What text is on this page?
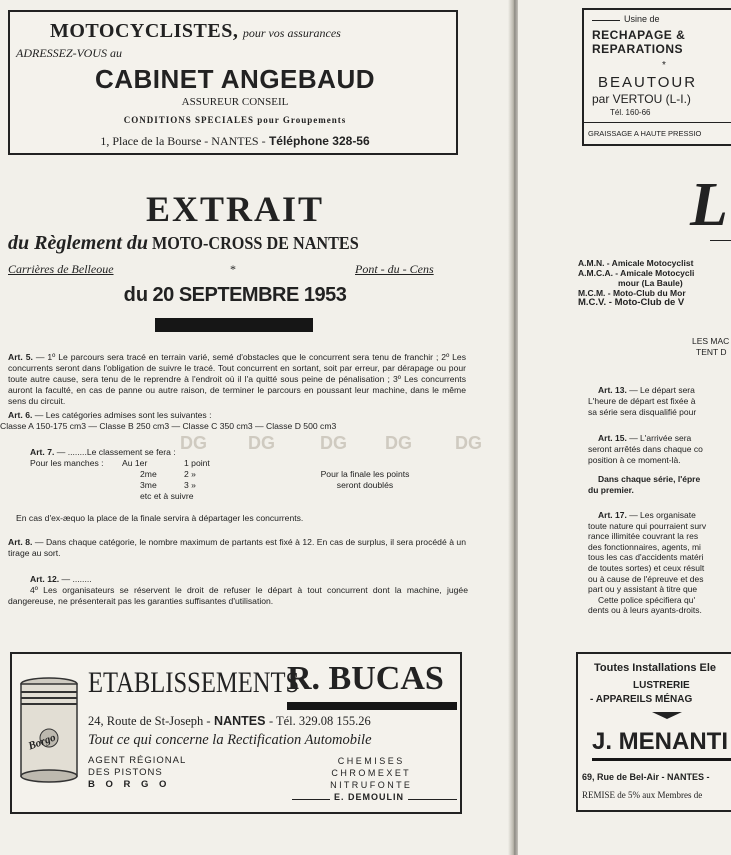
MOTOCYCLISTES, pour vos assurances
ADRESSEZ-VOUS au
CABINET ANGEBAUD
ASSUREUR CONSEIL
CONDITIONS SPECIALES pour Groupements
1, Place de la Bourse - NANTES - Téléphone 328-56
EXTRAIT
du Règlement du MOTO-CROSS DE NANTES
Carrières de Belleoue	*	Pont - du - Cens
du 20 SEPTEMBRE 1953
Art. 5. — 1º Le parcours sera tracé en terrain varié, semé d'obstacles que le concurrent sera tenu de franchir ; 2º Les concurrents seront dans l'obligation de suivre le tracé. Tout concurrent en sortant, soit par erreur, par dérapage ou pour toute autre cause, sera tenu de le reprendre à l'endroit où il l'a quitté sous peine de pénalisation ; 3º Les concurrents auront la faculté, en cas de panne ou autre raison, de terminer le parcours en poussant leur machine, dans le même sens du circuit.
Art. 6. — Les catégories admises sont les suivantes :
Classe A 150-175 cm3 — Classe B 250 cm3 — Classe C 350 cm3 — Classe D 500 cm3
DG DG	DG DG DG
Art. 7. — ........Le classement se fera :
Pour les manches : Au 1er	1 point
2me	2 »
3me	3 »
etc et à suivre
Pour la finale les points
seront doublés
En cas d'ex-æquo la place de la finale servira à départager les concurrents.
Art. 8. — Dans chaque catégorie, le nombre maximum de partants est fixé à 12. En cas de surplus, il sera procédé à un tirage au sort.
Art. 12. — ........
4º Les organisateurs se réservent le droit de refuser le départ à tout concurrent dont la machine, jugée dangereuse, ne présenterait pas les garanties suffisantes d'utilisation.
Borgo
ETABLISSEMENTS
R. BUCAS
24, Route de St-Joseph - NANTES - Tél. 329.08 155.26
Tout ce qui concerne la Rectification Automobile
AGENT RÉGIONAL
DES PISTONS
B O R G O
C H E M I S E S
C H R O M E X E T
N I T R U F O N T E
E. DEMOULIN
Usine de
RECHAPAGE &
REPARATIONS
*
BEAUTOUR
par VERTOU (L-I.)
Tél. 160-66
GRAISSAGE A HAUTE PRESSIO
L
A.M.N. - Amicale Motocyclist
A.M.C.A. - Amicale Motocycli
mour (La Baule)
M.C.M. - Moto-Club du Mor
M.C.V. - Moto-Club de V
LES MAC
TENT D
Art. 13. — Le départ sera
L'heure de départ est fixée à
sa série sera disqualifié pour
Art. 15. — L'arrivée sera
seront arrêtés dans chaque co
position à ce moment-là.
Dans chaque série, l'épre
du premier.
Art. 17. — Les organisate
toute nature qui pourraient surv
rance illimitée couvrant la res
des fonctionnaires, agents, mi
tous les cas d'accidents matéri
de toutes sortes) et ceux résult
ou à cause de l'épreuve et des
part ou y assistant à titre que
Cette police spécifiera qu'
dents ou à leurs ayants-droits.
Toutes Installations Ele
LUSTRERIE
- APPAREILS MÉNAG
J. MENANTI
69, Rue de Bel-Air - NANTES -
REMISE de 5% aux Membres de
